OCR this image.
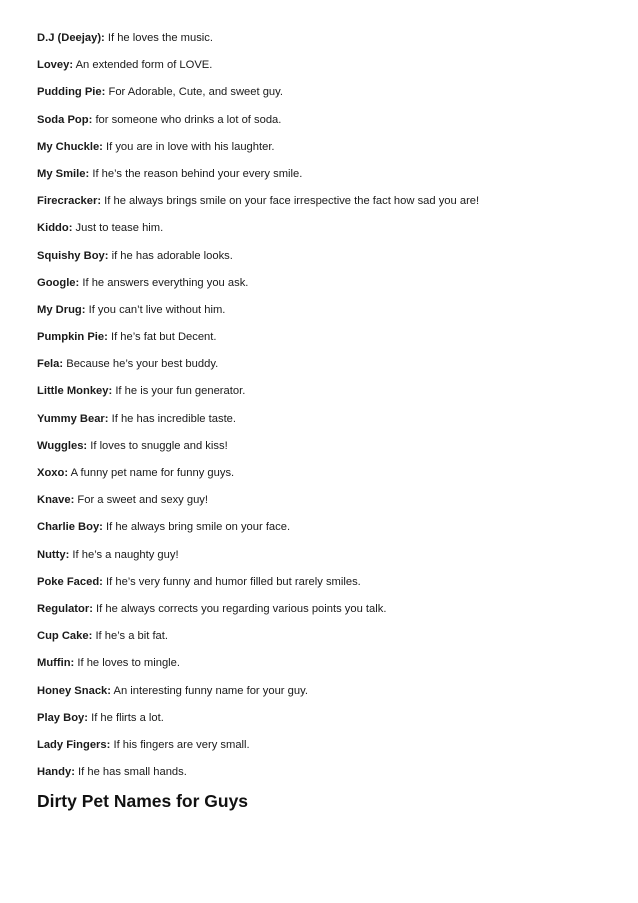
D.J (Deejay): If he loves the music.
Lovey: An extended form of LOVE.
Pudding Pie: For Adorable, Cute, and sweet guy.
Soda Pop: for someone who drinks a lot of soda.
My Chuckle: If you are in love with his laughter.
My Smile: If he’s the reason behind your every smile.
Firecracker: If he always brings smile on your face irrespective the fact how sad you are!
Kiddo: Just to tease him.
Squishy Boy: if he has adorable looks.
Google: If he answers everything you ask.
My Drug: If you can’t live without him.
Pumpkin Pie: If he’s fat but Decent.
Fela: Because he’s your best buddy.
Little Monkey: If he is your fun generator.
Yummy Bear: If he has incredible taste.
Wuggles: If loves to snuggle and kiss!
Xoxo: A funny pet name for funny guys.
Knave: For a sweet and sexy guy!
Charlie Boy: If he always bring smile on your face.
Nutty: If he’s a naughty guy!
Poke Faced: If he’s very funny and humor filled but rarely smiles.
Regulator: If he always corrects you regarding various points you talk.
Cup Cake: If he’s a bit fat.
Muffin: If he loves to mingle.
Honey Snack: An interesting funny name for your guy.
Play Boy: If he flirts a lot.
Lady Fingers: If his fingers are very small.
Handy: If he has small hands.
Dirty Pet Names for Guys
